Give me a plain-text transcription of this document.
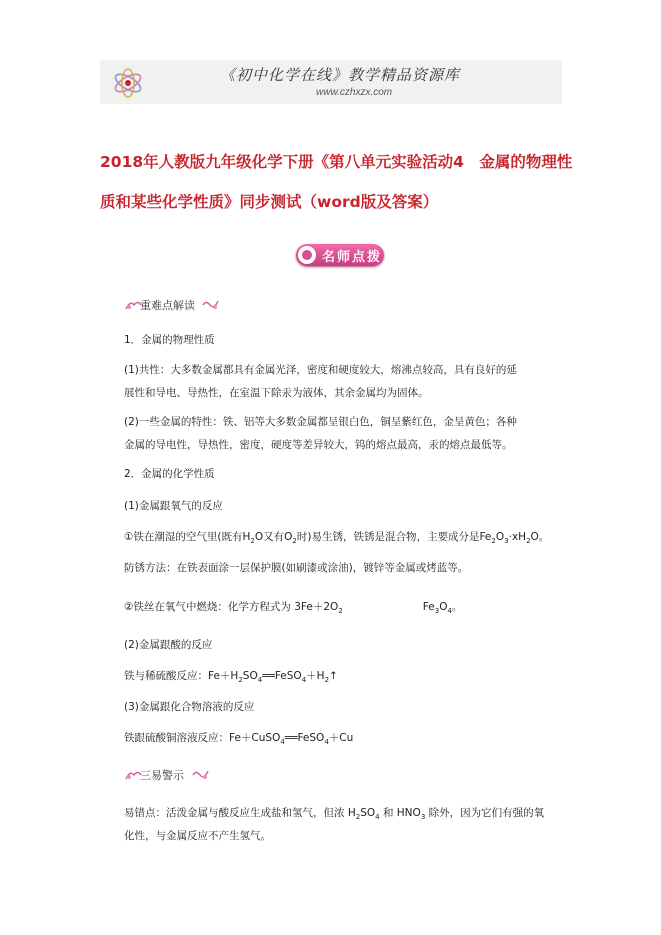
《初中化学在线》教学精品资源库
www.czhxzx.com
2018年人教版九年级化学下册《第八单元实验活动4　金属的物理性
质和某些化学性质》同步测试（word版及答案）
名师点拨
重难点解读
1．金属的物理性质
(1)共性：大多数金属都具有金属光泽，密度和硬度较大，熔沸点较高，具有良好的延
展性和导电、导热性，在室温下除汞为液体，其余金属均为固体。
(2)一些金属的特性：铁、铝等大多数金属都呈银白色，铜呈紫红色，金呈黄色；各种
金属的导电性，导热性，密度，硬度等差异较大，钨的熔点最高，汞的熔点最低等。
2．金属的化学性质
(1)金属跟氧气的反应
①铁在潮湿的空气里(既有$H_2O$又有$O_2$时)易生锈，铁锈是混合物，主要成分是$Fe_2O_3\cdot xH_2O$。
防锈方法：在铁表面涂一层保护膜(如刷漆或涂油)，镀锌等金属或烤蓝等。
②铁丝在氧气中燃烧：化学方程式为 $3Fe+2O_2$	$Fe_3O_4$。
(2)金属跟酸的反应
铁与稀硫酸反应：$Fe+H_2SO_4══FeSO_4+H_2↑$
(3)金属跟化合物溶液的反应
铁跟硫酸铜溶液反应：Fe＋CuSO$_4$══FeSO$_4$＋Cu
三易警示
易错点：活泼金属与酸反应生成盐和氢气，但浓 $H_2SO_4$ 和 $HNO_3$ 除外，因为它们有强的氧
化性，与金属反应不产生氢气。
